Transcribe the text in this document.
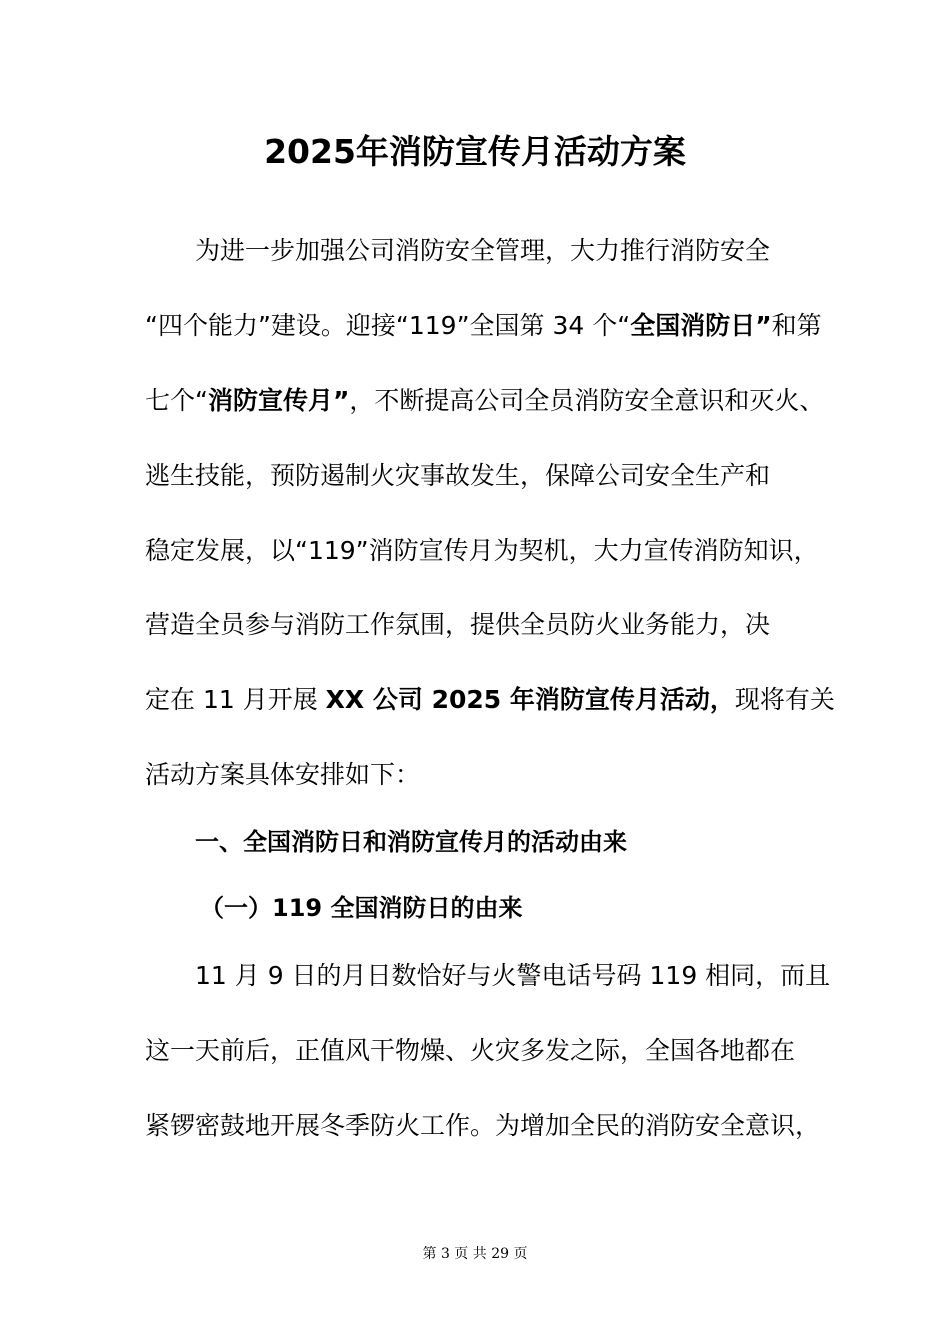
2025年消防宣传月活动方案
为进一步加强公司消防安全管理，大力推行消防安全
“四个能力”建设。迎接“119”全国第 34 个“全国消防日”和第
七个“消防宣传月”，不断提高公司全员消防安全意识和灭火、
逃生技能，预防遏制火灾事故发生，保障公司安全生产和
稳定发展，以“119”消防宣传月为契机，大力宣传消防知识，
营造全员参与消防工作氛围，提供全员防火业务能力，决
定在 11 月开展 XX 公司 2025 年消防宣传月活动，现将有关
活动方案具体安排如下：
一、全国消防日和消防宣传月的活动由来
（一）119 全国消防日的由来
11 月 9 日的月日数恰好与火警电话号码 119 相同，而且
这一天前后，正值风干物燥、火灾多发之际，全国各地都在
紧锣密鼓地开展冬季防火工作。为增加全民的消防安全意识，
第 3 页 共 29 页
